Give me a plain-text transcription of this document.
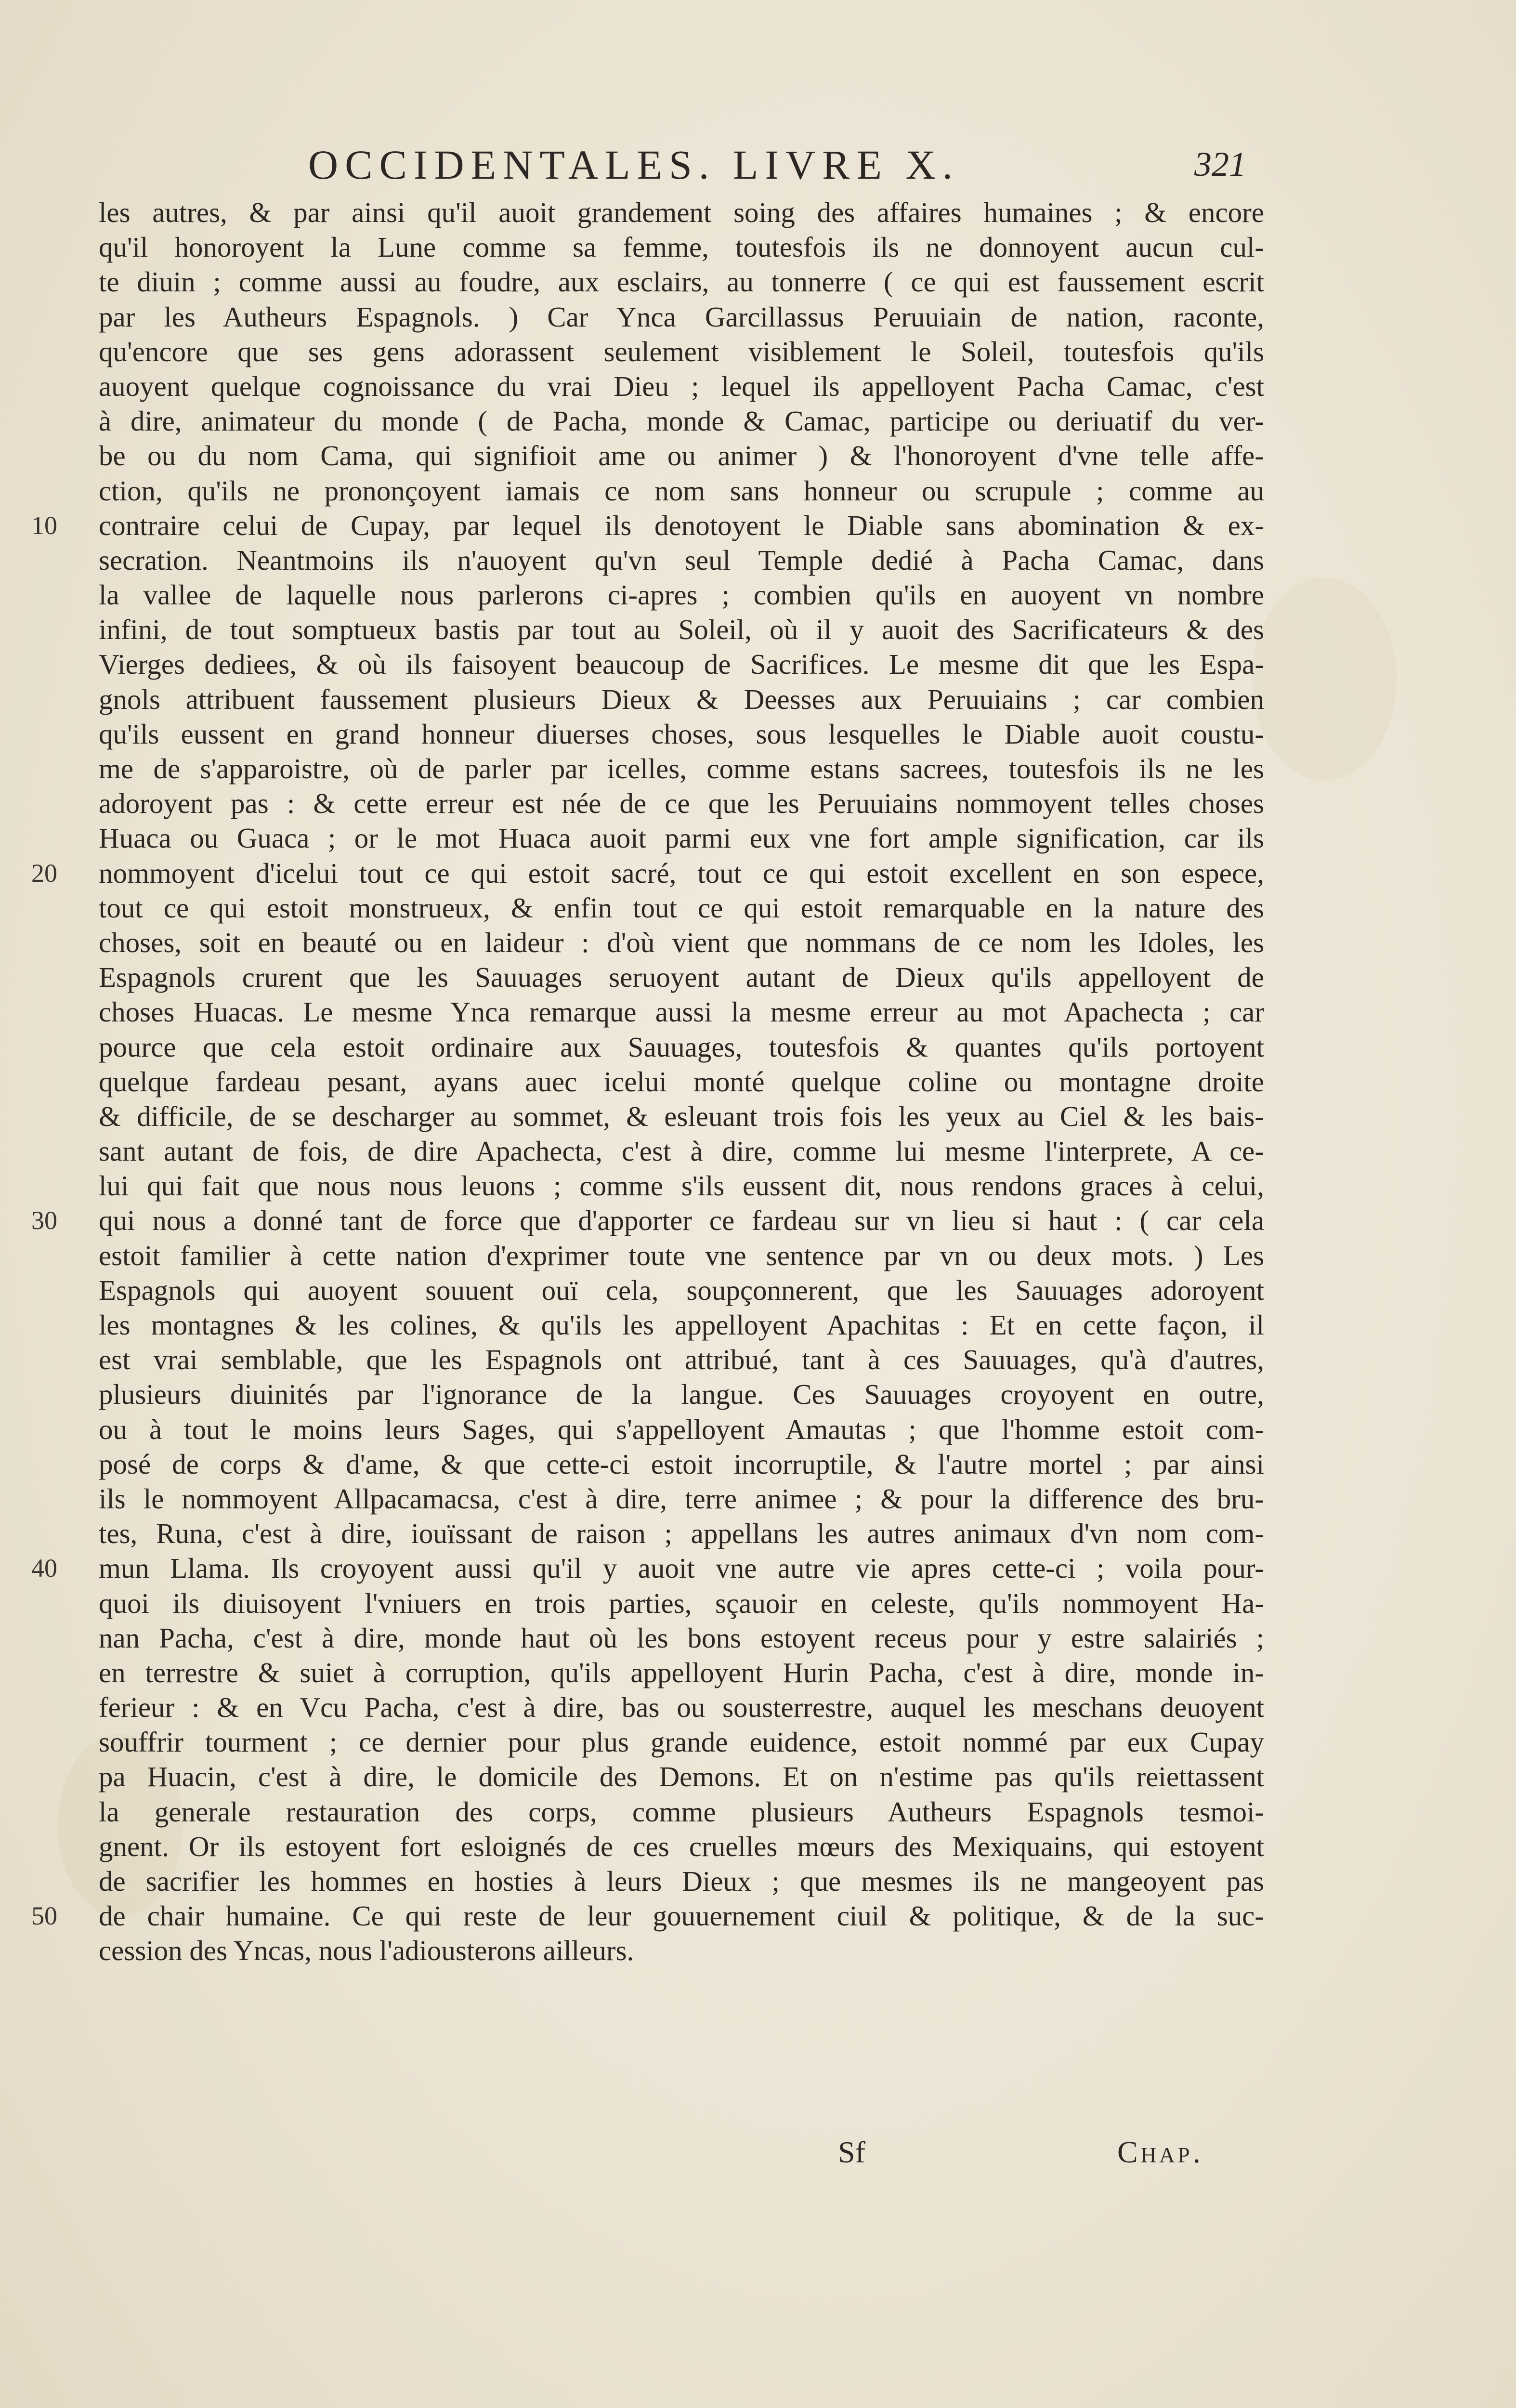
OCCIDENTALES. LIVRE X.	321
les autres, & par ainsi qu'il auoit grandement soing des affaires humaines ; & encore
qu'il honoroyent la Lune comme sa femme, toutesfois ils ne donnoyent aucun cul-
te diuin ; comme aussi au foudre, aux esclairs, au tonnerre ( ce qui est faussement escrit
par les Autheurs Espagnols. ) Car Ynca Garcillassus Peruuiain de nation, raconte,
qu'encore que ses gens adorassent seulement visiblement le Soleil, toutesfois qu'ils
auoyent quelque cognoissance du vrai Dieu ; lequel ils appelloyent Pacha Camac, c'est
à dire, animateur du monde ( de Pacha, monde & Camac, participe ou deriuatif du ver-
be ou du nom Cama, qui signifioit ame ou animer ) & l'honoroyent d'vne telle affe-
ction, qu'ils ne prononçoyent iamais ce nom sans honneur ou scrupule ; comme au
10	contraire celui de Cupay, par lequel ils denotoyent le Diable sans abomination & ex-
secration. Neantmoins ils n'auoyent qu'vn seul Temple dedié à Pacha Camac, dans
la vallee de laquelle nous parlerons ci-apres ; combien qu'ils en auoyent vn nombre
infini, de tout somptueux bastis par tout au Soleil, où il y auoit des Sacrificateurs & des
Vierges dediees, & où ils faisoyent beaucoup de Sacrifices. Le mesme dit que les Espa-
gnols attribuent faussement plusieurs Dieux & Deesses aux Peruuiains ; car combien
qu'ils eussent en grand honneur diuerses choses, sous lesquelles le Diable auoit coustu-
me de s'apparoistre, où de parler par icelles, comme estans sacrees, toutesfois ils ne les
adoroyent pas : & cette erreur est née de ce que les Peruuiains nommoyent telles choses
Huaca ou Guaca ; or le mot Huaca auoit parmi eux vne fort ample signification, car ils
20	nommoyent d'icelui tout ce qui estoit sacré, tout ce qui estoit excellent en son espece,
tout ce qui estoit monstrueux, & enfin tout ce qui estoit remarquable en la nature des
choses, soit en beauté ou en laideur : d'où vient que nommans de ce nom les Idoles, les
Espagnols crurent que les Sauuages seruoyent autant de Dieux qu'ils appelloyent de
choses Huacas. Le mesme Ynca remarque aussi la mesme erreur au mot Apachecta ; car
pource que cela estoit ordinaire aux Sauuages, toutesfois & quantes qu'ils portoyent
quelque fardeau pesant, ayans auec icelui monté quelque coline ou montagne droite
& difficile, de se descharger au sommet, & esleuant trois fois les yeux au Ciel & les bais-
sant autant de fois, de dire Apachecta, c'est à dire, comme lui mesme l'interprete, A ce-
lui qui fait que nous nous leuons ; comme s'ils eussent dit, nous rendons graces à celui,
30	qui nous a donné tant de force que d'apporter ce fardeau sur vn lieu si haut : ( car cela
estoit familier à cette nation d'exprimer toute vne sentence par vn ou deux mots. ) Les
Espagnols qui auoyent souuent ouï cela, soupçonnerent, que les Sauuages adoroyent
les montagnes & les colines, & qu'ils les appelloyent Apachitas : Et en cette façon, il
est vrai semblable, que les Espagnols ont attribué, tant à ces Sauuages, qu'à d'autres,
plusieurs diuinités par l'ignorance de la langue. Ces Sauuages croyoyent en outre,
ou à tout le moins leurs Sages, qui s'appelloyent Amautas ; que l'homme estoit com-
posé de corps & d'ame, & que cette-ci estoit incorruptile, & l'autre mortel ; par ainsi
ils le nommoyent Allpacamacsa, c'est à dire, terre animee ; & pour la difference des bru-
tes, Runa, c'est à dire, iouïssant de raison ; appellans les autres animaux d'vn nom com-
40	mun Llama. Ils croyoyent aussi qu'il y auoit vne autre vie apres cette-ci ; voila pour-
quoi ils diuisoyent l'vniuers en trois parties, sçauoir en celeste, qu'ils nommoyent Ha-
nan Pacha, c'est à dire, monde haut où les bons estoyent receus pour y estre salairiés ;
en terrestre & suiet à corruption, qu'ils appelloyent Hurin Pacha, c'est à dire, monde in-
ferieur : & en Vcu Pacha, c'est à dire, bas ou sousterrestre, auquel les meschans deuoyent
souffrir tourment ; ce dernier pour plus grande euidence, estoit nommé par eux Cupay
pa Huacin, c'est à dire, le domicile des Demons. Et on n'estime pas qu'ils reiettassent
la generale restauration des corps, comme plusieurs Autheurs Espagnols tesmoi-
gnent. Or ils estoyent fort esloignés de ces cruelles mœurs des Mexiquains, qui estoyent
de sacrifier les hommes en hosties à leurs Dieux ; que mesmes ils ne mangeoyent pas
50	de chair humaine. Ce qui reste de leur gouuernement ciuil & politique, & de la suc-
cession des Yncas, nous l'adiousterons ailleurs.
Sf	Chap.
